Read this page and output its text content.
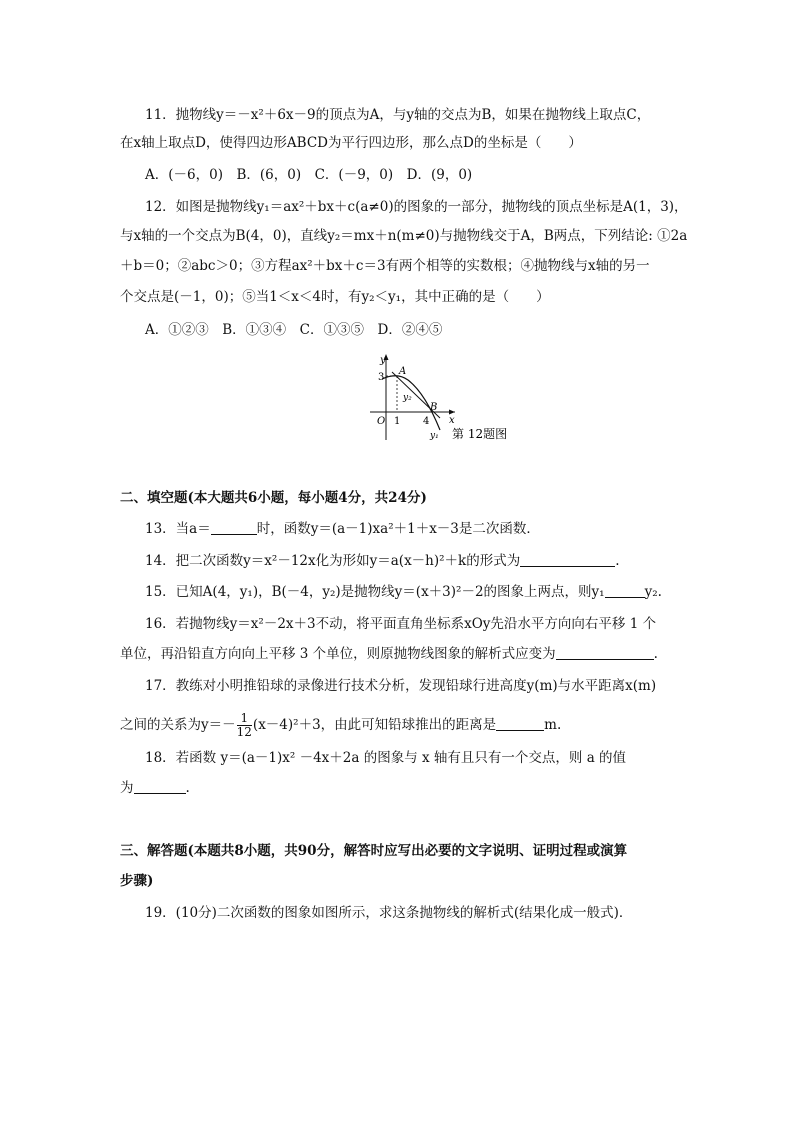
11．抛物线y＝－x²＋6x－9的顶点为A，与y轴的交点为B，如果在抛物线上取点C，
在x轴上取点D，使得四边形ABCD为平行四边形，那么点D的坐标是（　　）
A．(－6，0)　B．(6，0)　C．(－9，0)　D．(9，0)
12．如图是抛物线y₁＝ax²＋bx＋c(a≠0)的图象的一部分，抛物线的顶点坐标是A(1，3)，
与x轴的一个交点为B(4，0)，直线y₂＝mx＋n(m≠0)与抛物线交于A，B两点，下列结论: ①2a
＋b＝0；②abc＞0；③方程ax²＋bx＋c＝3有两个相等的实数根；④抛物线与x轴的另一
个交点是(－1，0)；⑤当1＜x＜4时，有y₂＜y₁，其中正确的是（　　）
A．①②③　B．①③④　C．①③⑤　D．②④⑤
3
y
x
O 1 4
A
B
y₂
y₁ 第 12题图
二、填空题(本大题共6小题，每小题4分，共24分)
13．当a＝	时，函数y＝(a－1)xa²＋1＋x－3是二次函数．
14．把二次函数y＝x²－12x化为形如y＝a(x－h)²＋k的形式为	.
15．已知A(4，y₁)，B(－4，y₂)是抛物线y＝(x＋3)²－2的图象上两点，则y₁	y₂.
16．若抛物线y＝x²－2x＋3不动，将平面直角坐标系xOy先沿水平方向向右平移 1 个
单位，再沿铅直方向向上平移 3 个单位，则原抛物线图象的解析式应变为	.
17．教练对小明推铅球的录像进行技术分析，发现铅球行进高度y(m)与水平距离x(m)
之间的关系为$y=- \frac{1}{12} (x-4)^2+3$，由此可知铅球推出的距离是	m.
18．若函数 y＝(a－1)x² －4x＋2a 的图象与 x 轴有且只有一个交点，则 a 的值
为	.
三、解答题(本题共8小题，共90分，解答时应写出必要的文字说明、证明过程或演算
步骤)
19．(10分)二次函数的图象如图所示，求这条抛物线的解析式(结果化成一般式)．
